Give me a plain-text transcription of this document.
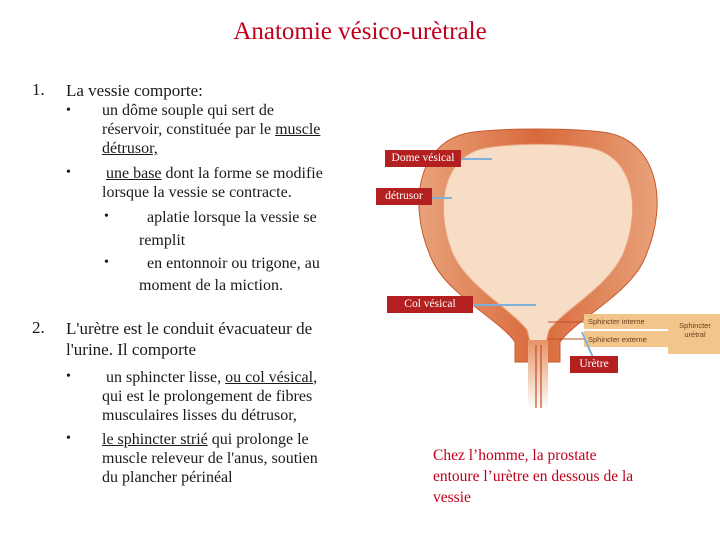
Anatomie vésico-urètrale
1. La vessie comporte:
• un dôme souple qui sert de
réservoir, constituée par le muscle
détrusor,
• une base dont la forme se modifie
lorsque la vessie se contracte.
• aplatie lorsque la vessie se
remplit
• en entonnoir ou trigone, au
moment de la miction.
2. L'urètre est le conduit évacuateur de
l'urine. Il comporte
• un sphincter lisse, ou col vésical,
qui est le prolongement de fibres
musculaires lisses du détrusor,
• le sphincter strié qui prolonge le
muscle releveur de l'anus, soutien
du plancher périnéal
Dome vésical
détrusor
Col vésical
Urètre
Sphincter interne
Sphincter externe
Sphincter
urétral
Chez l’homme, la prostate
entoure l’urètre en dessous de la
vessie
